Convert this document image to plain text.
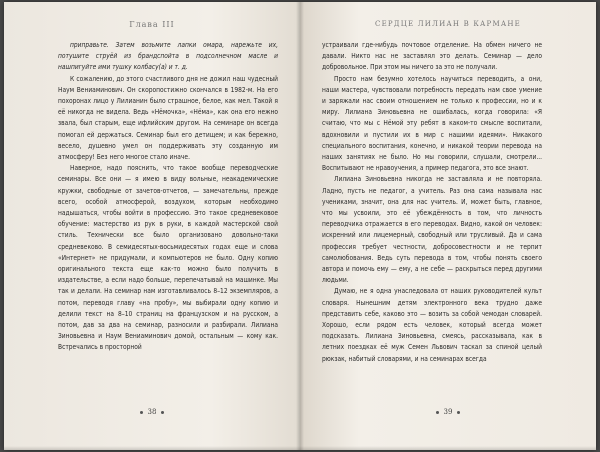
Глава III

приправьте. Затем возьмите лапки омара, нарежьте их, потушите струёй из брандспойта в подсолнечном масле и нашпигуйте ими тушку колбасу(а) и т. д.

К сожалению, до этого счастливого дня не дожил наш чудесный Наум Вениаминович. Он скоропостижно скончался в 1982-м. На его похоронах лицо у Лилианин было страшное, белое, как мел. Такой я её никогда не видела. Ведь «Нёмочка», «Нёма», как она его нежно звала, был старым, еще ифлийским другом. На семинаре он всегда помогал ей держаться. Семинар был его детищем; и как бережно, весело, душевно умел он поддерживать эту созданную им атмосферу! Без него многое стало иначе.

Наверное, надо пояснить, что такое вообще переводческие семинары. Все они — я имею в виду вольные, неакадемические кружки, свободные от зачетов-отчетов, — замечательны, прежде всего, особой атмосферой, воздухом, которым необходимо надышаться, чтобы войти в профессию. Это такое средневековое обучение: мастерство из рук в руки, в каждой мастерской свой стиль. Технически все было организовано довольно-таки средневеково. В семидесятых-восьмидесятых годах еще и слова «Интернет» не придумали, и компьютеров не было. Одну копию оригинального текста еще как-то можно было получить в издательстве, а если надо больше, перепечатывай на машинке. Мы так и делали. На семинар нам изготавливалось 8–12 экземпляров, а потом, переводя главу «на пробу», мы выбирали одну копию и делили текст на 8–10 страниц на французском и на русском, а потом, дав за два на семинар, разносили и разбирали. Лилиана Зиновьевна и Наум Вениаминович домой, остальным — кому как. Встречались в просторной

38
СЕРДЦЕ ЛИЛИАН В КАРМАНЕ

устраивали где-нибудь почтовое отделение. На обмен ничего не давали. Никто нас не заставлял это делать. Семинар — дело добровольное. При этом мы ничего за это не получали.

Просто нам безумно хотелось научиться переводить, а они, наши мастера, чувствовали потребность передать нам свое умение и заряжали нас своим отношением не только к профессии, но и к миру. Лилиана Зиновьевна не ошибалась, когда говорила: «Я считаю, что мы с Нёмой эту ребят в каком-то смысле воспитали, вдохновили и пустили их в мир с нашими идеями». Никакого специального воспитания, конечно, и никакой теории перевода на наших занятиях не было. Но мы говорили, слушали, смотрели... Воспитывают не нравоучения, а пример педагога, это все знают.

Лилиана Зиновьевна никогда не заставляла и не повторяла. Ладно, пусть не педагог, а учитель. Раз она сама называла нас учениками, значит, она для нас учитель. И, может быть, главное, что мы усвоили, это её убеждённость в том, что личность переводчика отражается в его переводах. Видно, какой он человек: искренний или лицемерный, свободный или трусливый. Да и сама профессия требует честности, добросовестности и не терпит самолюбования. Ведь суть перевода в том, чтобы понять своего автора и помочь ему — ему, а не себе — раскрыться перед другими людьми.

Думаю, не я одна унаследовала от наших руководителей культ словаря. Нынешним детям электронного века трудно даже представить себе, каково это — возить за собой чемодан словарей. Хорошо, если рядом есть человек, который всегда может подсказать. Лилиана Зиновьевна, смеясь, рассказывала, как в летних поездках её муж Семен Львович таскал за спиной целый рюкзак, набитый словарями, и на семинарах всегда

39
